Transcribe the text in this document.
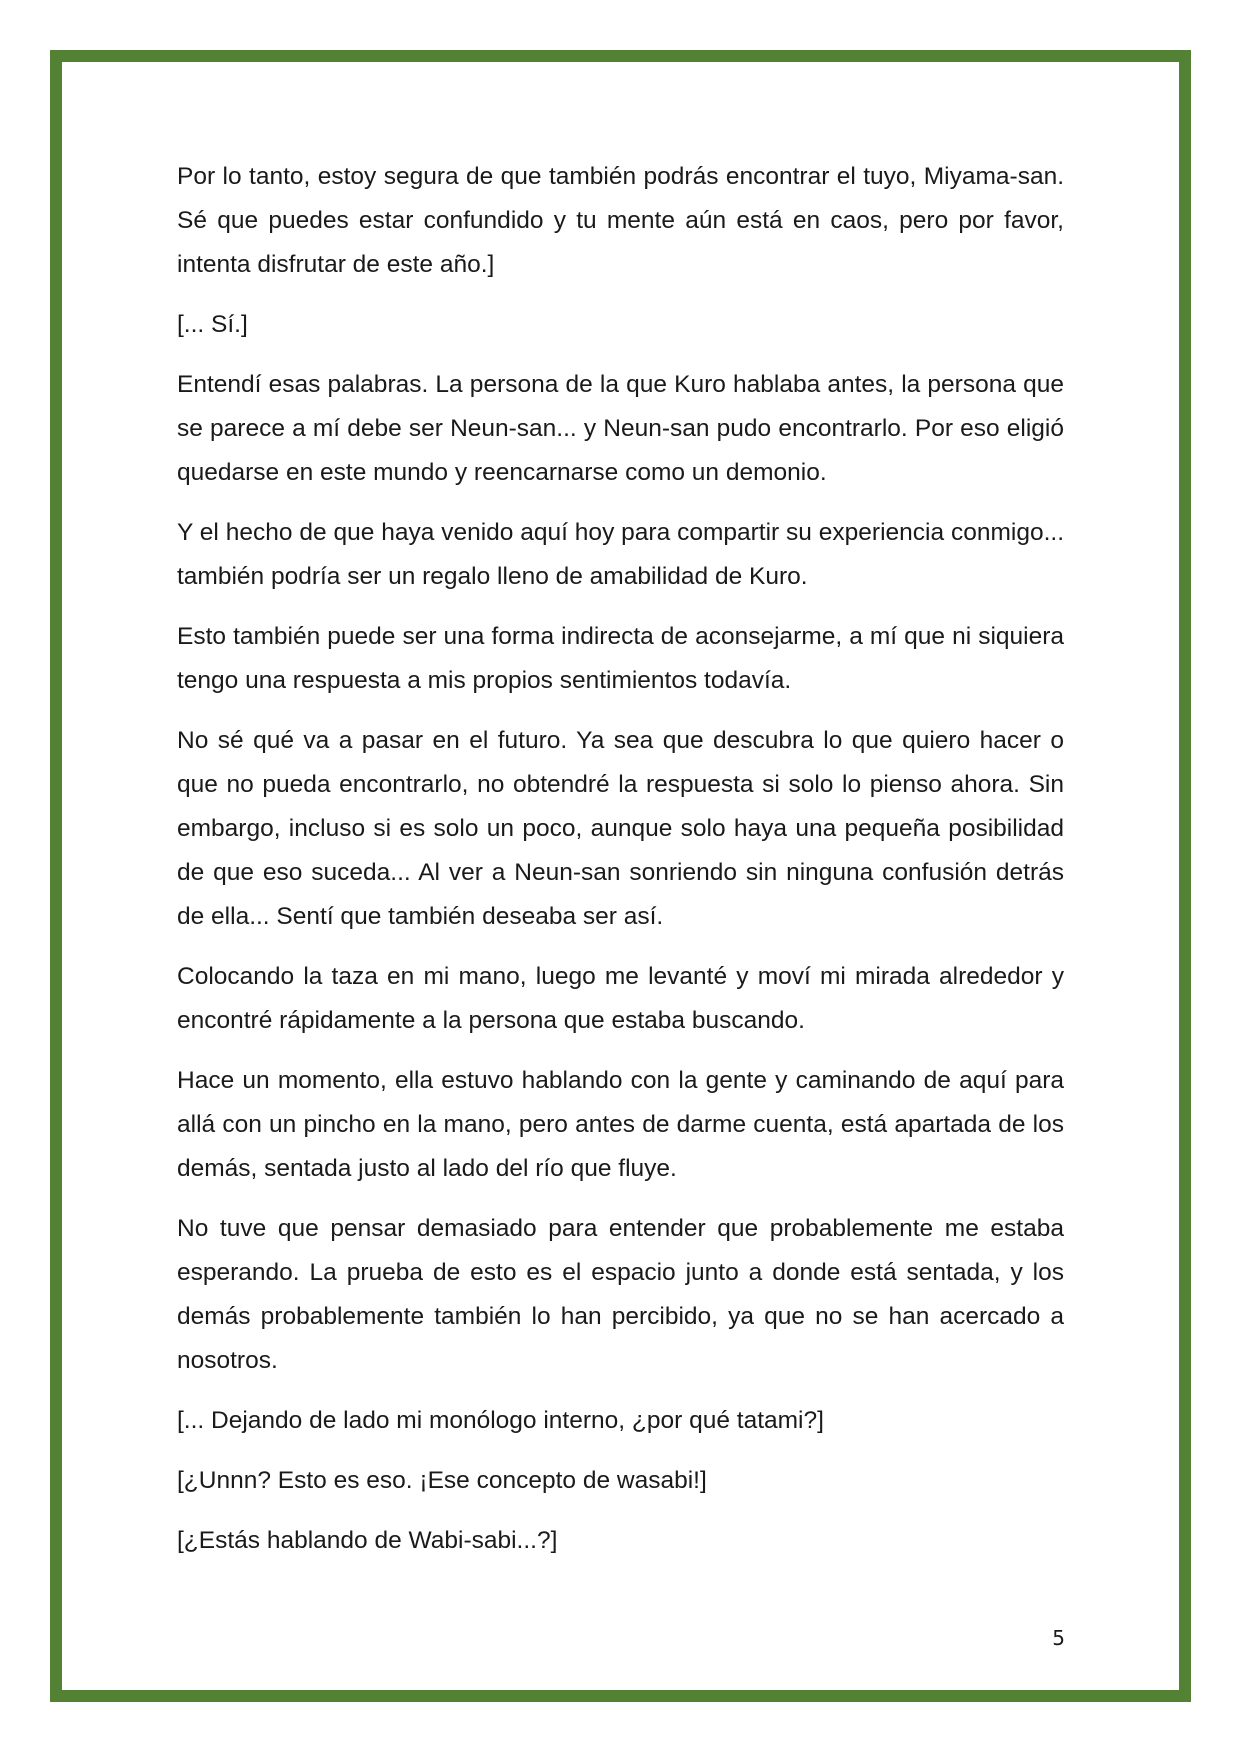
Por lo tanto, estoy segura de que también podrás encontrar el tuyo, Miyama-san. Sé que puedes estar confundido y tu mente aún está en caos, pero por favor, intenta disfrutar de este año.]

[... Sí.]

Entendí esas palabras. La persona de la que Kuro hablaba antes, la persona que se parece a mí debe ser Neun-san... y Neun-san pudo encontrarlo. Por eso eligió quedarse en este mundo y reencarnarse como un demonio.

Y el hecho de que haya venido aquí hoy para compartir su experiencia conmigo... también podría ser un regalo lleno de amabilidad de Kuro.

Esto también puede ser una forma indirecta de aconsejarme, a mí que ni siquiera tengo una respuesta a mis propios sentimientos todavía.

No sé qué va a pasar en el futuro. Ya sea que descubra lo que quiero hacer o que no pueda encontrarlo, no obtendré la respuesta si solo lo pienso ahora. Sin embargo, incluso si es solo un poco, aunque solo haya una pequeña posibilidad de que eso suceda... Al ver a Neun-san sonriendo sin ninguna confusión detrás de ella... Sentí que también deseaba ser así.

Colocando la taza en mi mano, luego me levanté y moví mi mirada alrededor y encontré rápidamente a la persona que estaba buscando.

Hace un momento, ella estuvo hablando con la gente y caminando de aquí para allá con un pincho en la mano, pero antes de darme cuenta, está apartada de los demás, sentada justo al lado del río que fluye.

No tuve que pensar demasiado para entender que probablemente me estaba esperando. La prueba de esto es el espacio junto a donde está sentada, y los demás probablemente también lo han percibido, ya que no se han acercado a nosotros.

[... Dejando de lado mi monólogo interno, ¿por qué tatami?]

[¿Unnn? Esto es eso. ¡Ese concepto de wasabi!]

[¿Estás hablando de Wabi-sabi...?]

5
